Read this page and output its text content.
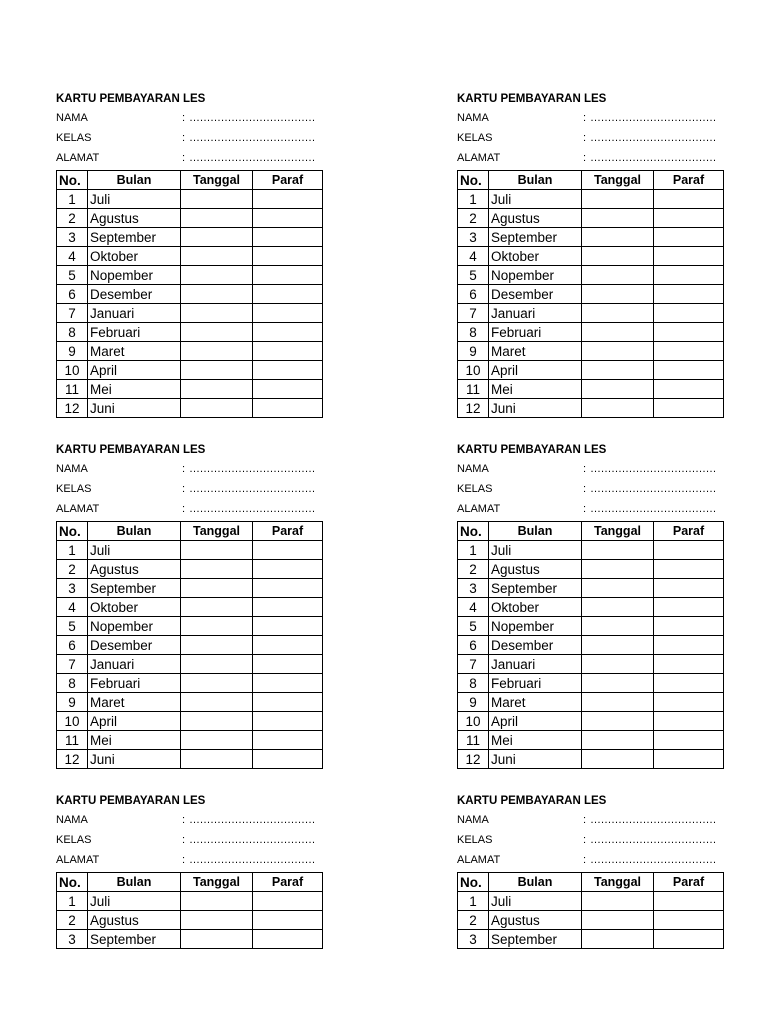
KARTU PEMBAYARAN LES
NAMA	: ………………………………
KELAS	: ………………………………
ALAMAT	: ………………………………
No.	Bulan	Tanggal	Paraf
1	Juli		
2	Agustus		
3	September		
4	Oktober		
5	Nopember		
6	Desember		
7	Januari		
8	Februari		
9	Maret		
10	April		
11	Mei		
12	Juni		
KARTU PEMBAYARAN LES
NAMA	: ………………………………
KELAS	: ………………………………
ALAMAT	: ………………………………
No.	Bulan	Tanggal	Paraf
1	Juli		
2	Agustus		
3	September		
4	Oktober		
5	Nopember		
6	Desember		
7	Januari		
8	Februari		
9	Maret		
10	April		
11	Mei		
12	Juni		
KARTU PEMBAYARAN LES
NAMA	: ………………………………
KELAS	: ………………………………
ALAMAT	: ………………………………
No.	Bulan	Tanggal	Paraf
1	Juli		
2	Agustus		
3	September		
4	Oktober		
5	Nopember		
6	Desember		
7	Januari		
8	Februari		
9	Maret		
10	April		
11	Mei		
12	Juni		
KARTU PEMBAYARAN LES
NAMA	: ………………………………
KELAS	: ………………………………
ALAMAT	: ………………………………
No.	Bulan	Tanggal	Paraf
1	Juli		
2	Agustus		
3	September		
4	Oktober		
5	Nopember		
6	Desember		
7	Januari		
8	Februari		
9	Maret		
10	April		
11	Mei		
12	Juni		
KARTU PEMBAYARAN LES
NAMA	: ………………………………
KELAS	: ………………………………
ALAMAT	: ………………………………
No.	Bulan	Tanggal	Paraf
1	Juli		
2	Agustus		
3	September		
KARTU PEMBAYARAN LES
NAMA	: ………………………………
KELAS	: ………………………………
ALAMAT	: ………………………………
No.	Bulan	Tanggal	Paraf
1	Juli		
2	Agustus		
3	September		
